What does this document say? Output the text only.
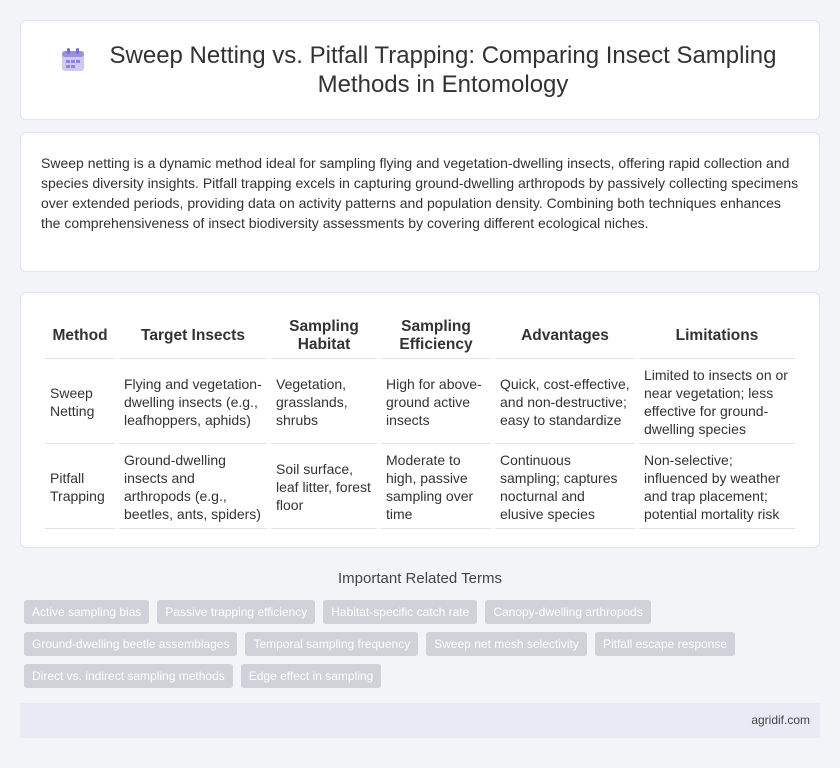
Sweep Netting vs. Pitfall Trapping: Comparing Insect Sampling Methods in Entomology

Sweep netting is a dynamic method ideal for sampling flying and vegetation-dwelling insects, offering rapid collection and species diversity insights. Pitfall trapping excels in capturing ground-dwelling arthropods by passively collecting specimens over extended periods, providing data on activity patterns and population density. Combining both techniques enhances the comprehensiveness of insect biodiversity assessments by covering different ecological niches.

Method	Target Insects	Sampling Habitat	Sampling Efficiency	Advantages	Limitations
Sweep Netting	Flying and vegetation-dwelling insects (e.g., leafhoppers, aphids)	Vegetation, grasslands, shrubs	High for above-ground active insects	Quick, cost-effective, and non-destructive; easy to standardize	Limited to insects on or near vegetation; less effective for ground-dwelling species
Pitfall Trapping	Ground-dwelling insects and arthropods (e.g., beetles, ants, spiders)	Soil surface, leaf litter, forest floor	Moderate to high, passive sampling over time	Continuous sampling; captures nocturnal and elusive species	Non-selective; influenced by weather and trap placement; potential mortality risk
Important Related Terms
Active sampling bias	Passive trapping efficiency	Habitat-specific catch rate	Canopy-dwelling arthropods
Ground-dwelling beetle assemblages	Temporal sampling frequency	Sweep net mesh selectivity	Pitfall escape response
Direct vs. indirect sampling methods	Edge effect in sampling
agridif.com
